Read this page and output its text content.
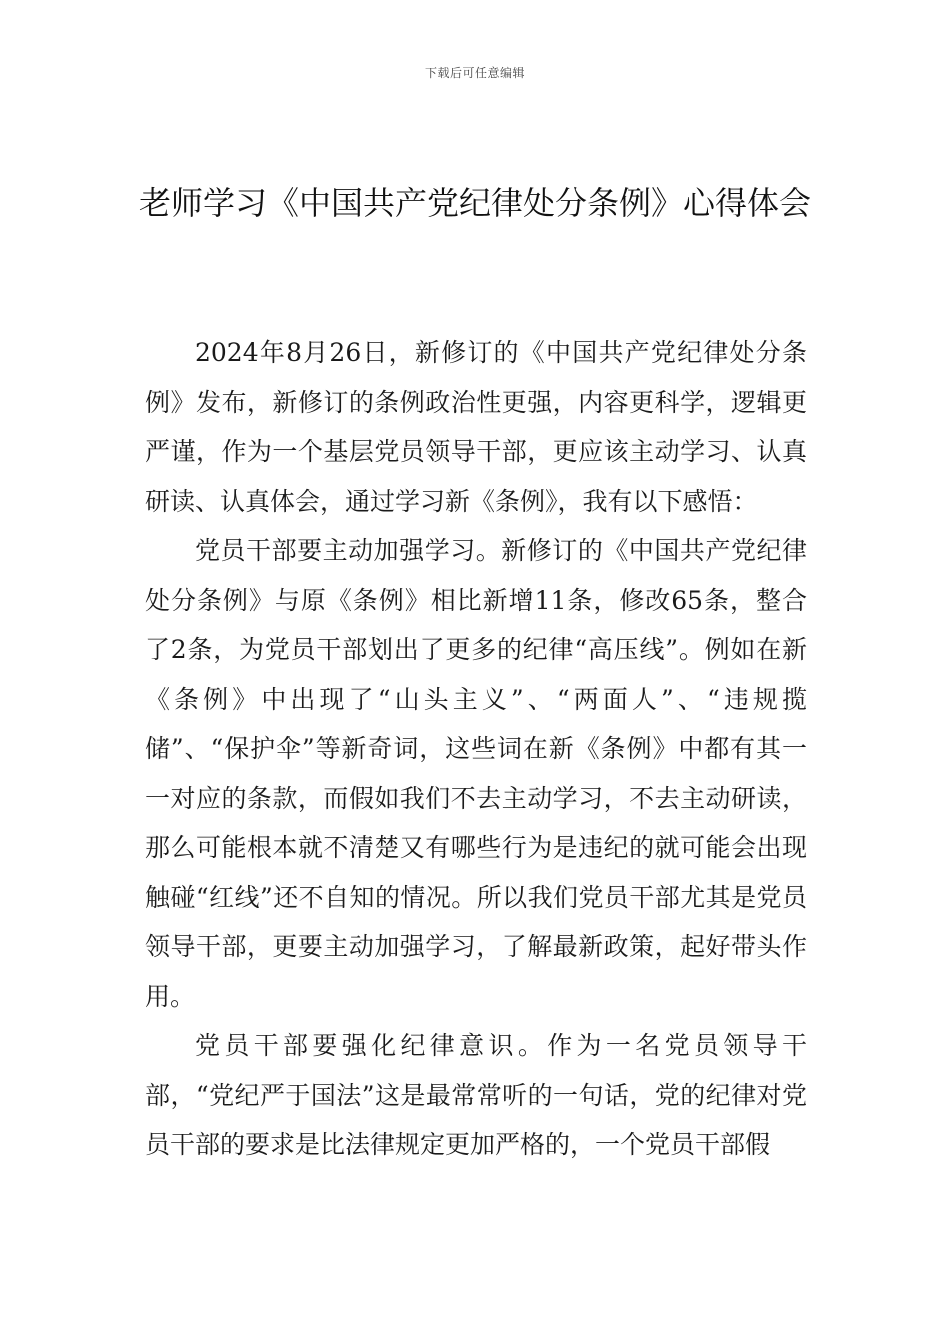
下载后可任意编辑
老师学习《中国共产党纪律处分条例》心得体会

2024年8月26日，新修订的《中国共产党纪律处分条例》发布，新修订的条例政治性更强，内容更科学，逻辑更严谨，作为一个基层党员领导干部，更应该主动学习、认真研读、认真体会，通过学习新《条例》，我有以下感悟：

党员干部要主动加强学习。新修订的《中国共产党纪律处分条例》与原《条例》相比新增11条，修改65条，整合了2条，为党员干部划出了更多的纪律“高压线”。例如在新《条例》中出现了“山头主义”、“两面人”、“违规揽储”、“保护伞”等新奇词，这些词在新《条例》中都有其一一对应的条款，而假如我们不去主动学习，不去主动研读，那么可能根本就不清楚又有哪些行为是违纪的就可能会出现触碰“红线”还不自知的情况。所以我们党员干部尤其是党员领导干部，更要主动加强学习，了解最新政策，起好带头作用。

党员干部要强化纪律意识。作为一名党员领导干部，“党纪严于国法”这是最常常听的一句话，党的纪律对党员干部的要求是比法律规定更加严格的，一个党员干部假
